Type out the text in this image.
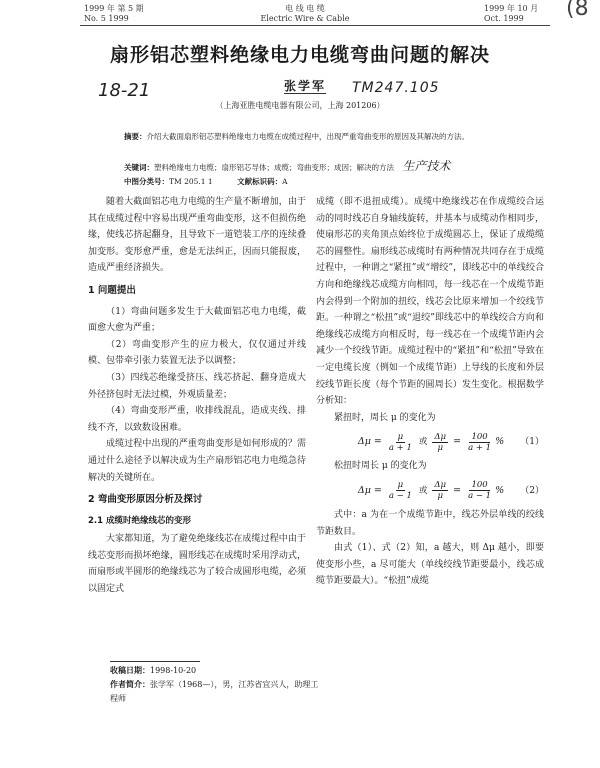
1999 年 第 5 期
No. 5 1999
电 线 电 缆
Electric Wire & Cable
1999 年 10 月
Oct. 1999	(8
扇形铝芯塑料绝缘电力电缆弯曲问题的解决
18-21	TM247.105
张学军
（上海亚胜电缆电器有限公司，上海 201206）
摘要：介绍大截面扇形铝芯塑料绝缘电力电缆在成缆过程中，出现严重弯曲变形的原因及其解决的方法。
关键词：塑料绝缘电力电缆；扇形铝芯导体；成缆；弯曲变形；成因；解决的方法 生产技术
中图分类号：TM 205.1 1	文献标识码：A

随着大截面铝芯电力电缆的生产量不断增加，由于其在成缆过程中容易出现严重弯曲变形，这不但损伤绝缘，使线芯挤起翻身，且导致下一道铠装工序的连续叠加变形。变形愈严重，愈是无法纠正，因而只能报废，造成严重经济损失。

1 问题提出

（1）弯曲问题多发生于大截面铝芯电力电缆，截面愈大愈为严重；

（2）弯曲变形产生的应力极大，仅仅通过并线模、包带牵引张力装置无法予以调整；

（3）四线芯绝缘受挤压、线芯挤起、翻身造成大外径挤包时无法过模，外观质量差；

（4）弯曲变形严重，收排线混乱，造成夹线、排线不齐，以致数设困难。

成缆过程中出现的严重弯曲变形是如何形成的？需通过什么途径予以解决成为生产扇形铝芯电力电缆急待解决的关键所在。

2 弯曲变形原因分析及探讨

2.1 成缆时绝缘线芯的变形

大家都知道，为了避免绝缘线芯在成缆过程中由于线芯变形而损坏绝缘，圆形线芯在成缆时采用浮动式，而扇形或半圆形的绝缘线芯为了较合成圆形电缆，必须以固定式

收稿日期：1998-10-20
作者简介：张学军（1968—），男，江苏省宜兴人，助理工程师

成缆（即不退扭成缆）。成缆中绝缘线芯在作成缆绞合运动的同时线芯自身轴线旋转，并基本与成缆动作相同步，使扇形芯的夹角顶点始终位于成缆圆芯上，保证了成缆缆芯的圆整性。扇形线芯成缆时有两种情况共同存在于成缆过程中，一种谓之“紧扭”或“增绞”，即线芯中的单线绞合方向和绝缘线芯成缆方向相同，每一线芯在一个成缆节距内会得到一个附加的扭绞，线芯会比原来增加一个绞线节距。一种谓之“松扭”或“退绞”即线芯中的单线绞合方向和绝缘线芯成缆方向相反时，每一线芯在一个成缆节距内会减少一个绞线节距。成缆过程中的“紧扭”和“松扭”导致在一定电缆长度（例如一个成缆节距）上导线的长度和外层绞线节距长度（每个节距的圆周长）发生变化。根据数学分析知：

紧扭时，周长 μ 的变化为

$\Delta\mu = \frac{\mu}{a + 1}$ 或 $\frac{\Delta\mu}{\mu} = \frac{100}{a + 1}$ %	（1）

松扭时周长 μ 的变化为

$\Delta\mu = \frac{\mu}{a - 1}$ 或 $\frac{\Delta\mu}{\mu} = \frac{100}{a - 1}$ %	（2）

式中：a 为在一个成缆节距中，线芯外层单线的绞线节距数目。

由式（1）、式（2）知，a 越大，则 Δμ 越小，即要使变形小些，a 尽可能大（单线绞线节距要最小，线芯成缆节距要最大）。“松扭”成缆
